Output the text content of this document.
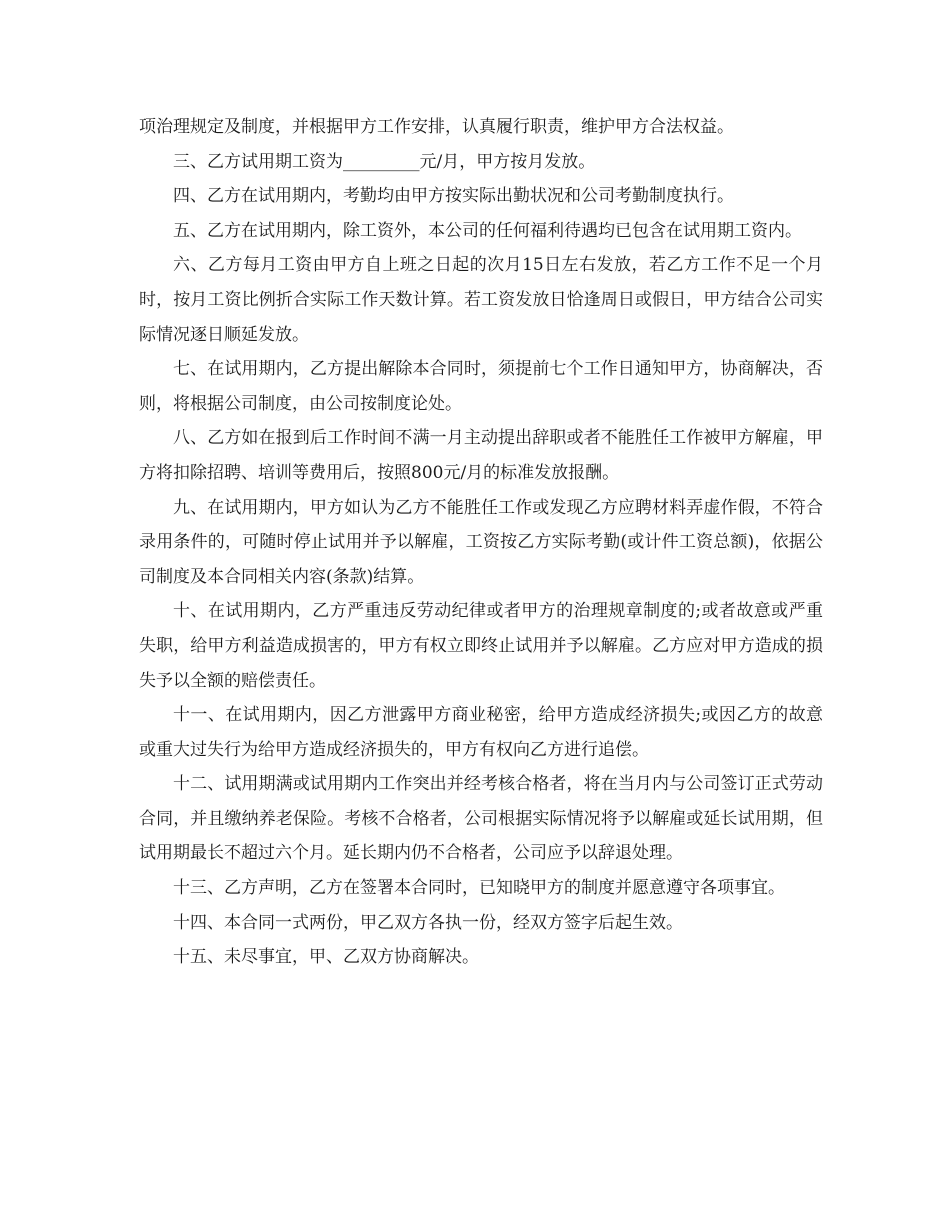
项治理规定及制度，并根据甲方工作安排，认真履行职责，维护甲方合法权益。

三、乙方试用期工资为_________元/月，甲方按月发放。

四、乙方在试用期内，考勤均由甲方按实际出勤状况和公司考勤制度执行。

五、乙方在试用期内，除工资外，本公司的任何福利待遇均已包含在试用期工资内。

六、乙方每月工资由甲方自上班之日起的次月15日左右发放，若乙方工作不足一个月时，按月工资比例折合实际工作天数计算。若工资发放日恰逢周日或假日，甲方结合公司实际情况逐日顺延发放。

七、在试用期内，乙方提出解除本合同时，须提前七个工作日通知甲方，协商解决，否则，将根据公司制度，由公司按制度论处。

八、乙方如在报到后工作时间不满一月主动提出辞职或者不能胜任工作被甲方解雇，甲方将扣除招聘、培训等费用后，按照800元/月的标准发放报酬。

九、在试用期内，甲方如认为乙方不能胜任工作或发现乙方应聘材料弄虚作假，不符合录用条件的，可随时停止试用并予以解雇，工资按乙方实际考勤(或计件工资总额)，依据公司制度及本合同相关内容(条款)结算。

十、在试用期内，乙方严重违反劳动纪律或者甲方的治理规章制度的;或者故意或严重失职，给甲方利益造成损害的，甲方有权立即终止试用并予以解雇。乙方应对甲方造成的损失予以全额的赔偿责任。

十一、在试用期内，因乙方泄露甲方商业秘密，给甲方造成经济损失;或因乙方的故意或重大过失行为给甲方造成经济损失的，甲方有权向乙方进行追偿。

十二、试用期满或试用期内工作突出并经考核合格者，将在当月内与公司签订正式劳动合同，并且缴纳养老保险。考核不合格者，公司根据实际情况将予以解雇或延长试用期，但试用期最长不超过六个月。延长期内仍不合格者，公司应予以辞退处理。

十三、乙方声明，乙方在签署本合同时，已知晓甲方的制度并愿意遵守各项事宜。

十四、本合同一式两份，甲乙双方各执一份，经双方签字后起生效。

十五、未尽事宜，甲、乙双方协商解决。
